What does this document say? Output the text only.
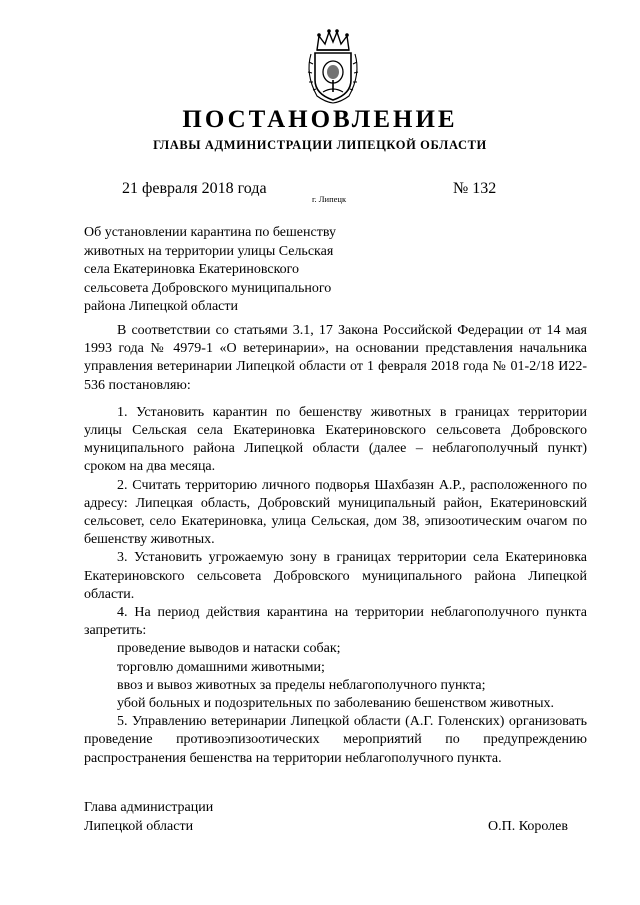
ПОСТАНОВЛЕНИЕ
ГЛАВЫ АДМИНИСТРАЦИИ ЛИПЕЦКОЙ ОБЛАСТИ
21 февраля 2018 года
г. Липецк
№ 132
Об установлении карантина по бешенству
животных на территории улицы Сельская
села Екатериновка Екатериновского
сельсовета Добровского муниципального
района Липецкой области

В соответствии со статьями 3.1, 17 Закона Российской Федерации от 14 мая 1993 года № 4979-1 «О ветеринарии», на основании представления начальника управления ветеринарии Липецкой области от 1 февраля 2018 года № 01-2/18 И22-536 постановляю:

1. Установить карантин по бешенству животных в границах территории улицы Сельская села Екатериновка Екатериновского сельсовета Добровского муниципального района Липецкой области (далее – неблагополучный пункт) сроком на два месяца.

2. Считать территорию личного подворья Шахбазян А.Р., расположенного по адресу: Липецкая область, Добровский муниципальный район, Екатериновский сельсовет, село Екатериновка, улица Сельская, дом 38, эпизоотическим очагом по бешенству животных.

3. Установить угрожаемую зону в границах территории села Екатериновка Екатериновского сельсовета Добровского муниципального района Липецкой области.

4. На период действия карантина на территории неблагополучного пункта запретить:

проведение выводов и натаски собак;

торговлю домашними животными;

ввоз и вывоз животных за пределы неблагополучного пункта;

убой больных и подозрительных по заболеванию бешенством животных.

5. Управлению ветеринарии Липецкой области (А.Г. Голенских) организовать проведение противоэпизоотических мероприятий по предупреждению распространения бешенства на территории неблагополучного пункта.

Глава администрации
Липецкой области	О.П. Королев
